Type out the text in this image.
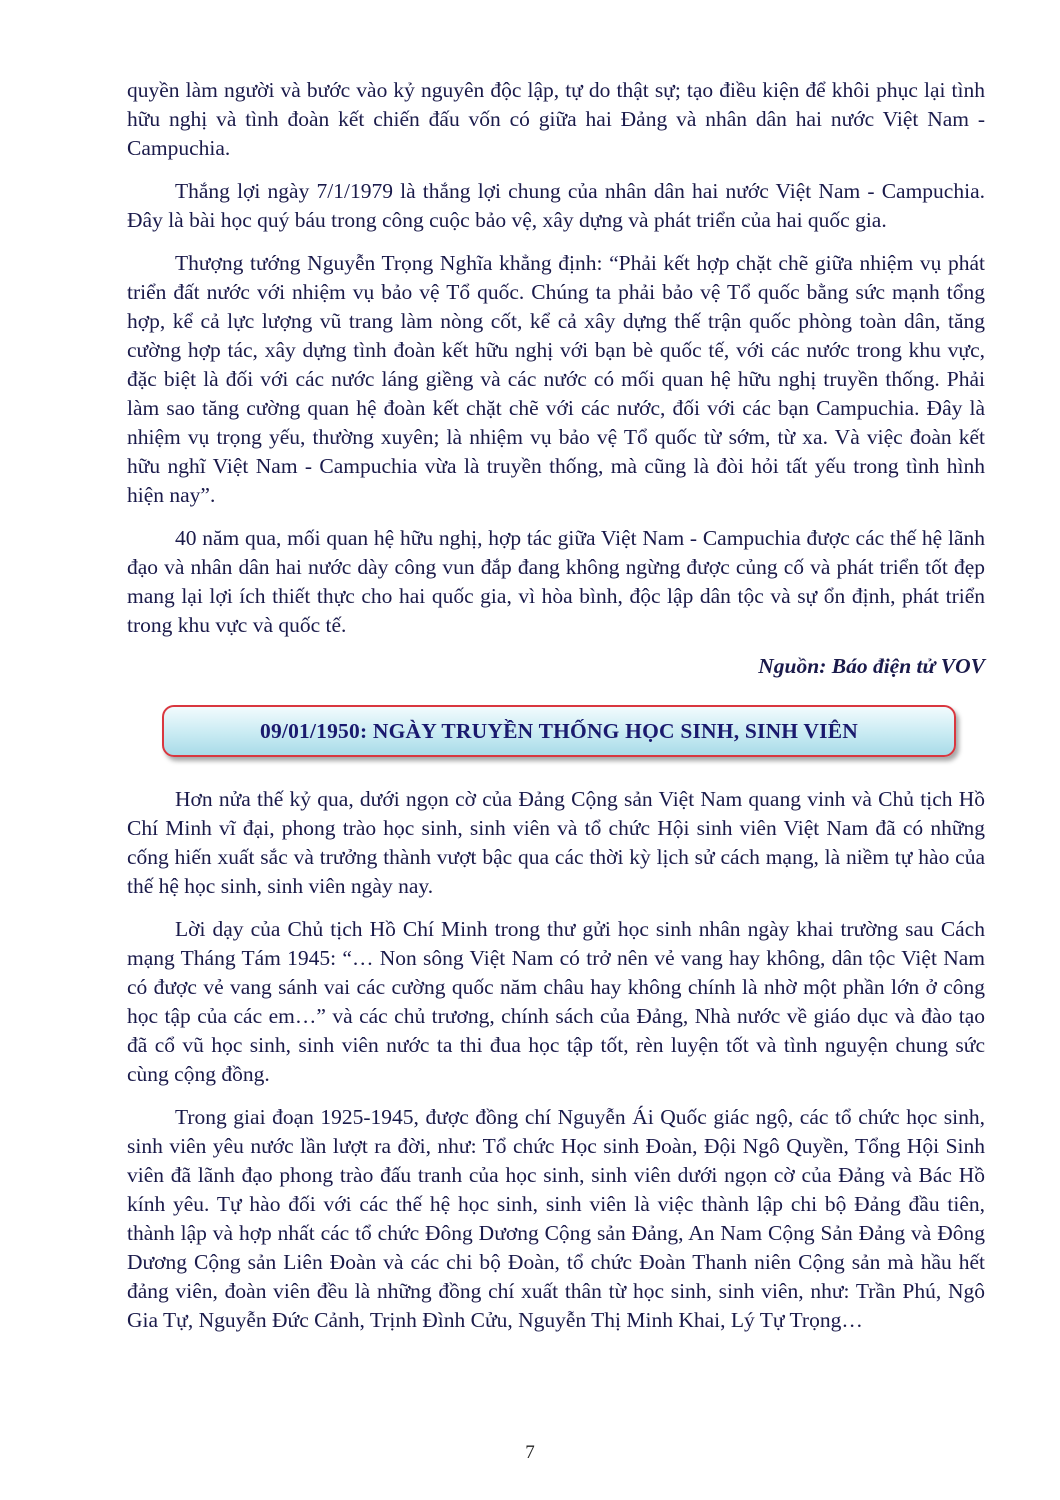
quyền làm người và bước vào kỷ nguyên độc lập, tự do thật sự; tạo điều kiện để khôi phục lại tình hữu nghị và tình đoàn kết chiến đấu vốn có giữa hai Đảng và nhân dân hai nước Việt Nam - Campuchia.

Thắng lợi ngày 7/1/1979 là thắng lợi chung của nhân dân hai nước Việt Nam - Campuchia. Đây là bài học quý báu trong công cuộc bảo vệ, xây dựng và phát triển của hai quốc gia.

Thượng tướng Nguyễn Trọng Nghĩa khẳng định: “Phải kết hợp chặt chẽ giữa nhiệm vụ phát triển đất nước với nhiệm vụ bảo vệ Tổ quốc. Chúng ta phải bảo vệ Tổ quốc bằng sức mạnh tổng hợp, kể cả lực lượng vũ trang làm nòng cốt, kể cả xây dựng thế trận quốc phòng toàn dân, tăng cường hợp tác, xây dựng tình đoàn kết hữu nghị với bạn bè quốc tế, với các nước trong khu vực, đặc biệt là đối với các nước láng giềng và các nước có mối quan hệ hữu nghị truyền thống. Phải làm sao tăng cường quan hệ đoàn kết chặt chẽ với các nước, đối với các bạn Campuchia. Đây là nhiệm vụ trọng yếu, thường xuyên; là nhiệm vụ bảo vệ Tổ quốc từ sớm, từ xa. Và việc đoàn kết hữu nghĩ Việt Nam - Campuchia vừa là truyền thống, mà cũng là đòi hỏi tất yếu trong tình hình hiện nay”.

40 năm qua, mối quan hệ hữu nghị, hợp tác giữa Việt Nam - Campuchia được các thế hệ lãnh đạo và nhân dân hai nước dày công vun đắp đang không ngừng được củng cố và phát triển tốt đẹp mang lại lợi ích thiết thực cho hai quốc gia, vì hòa bình, độc lập dân tộc và sự ổn định, phát triển trong khu vực và quốc tế.

Nguồn: Báo điện tử VOV
09/01/1950: NGÀY TRUYỀN THỐNG HỌC SINH, SINH VIÊN

Hơn nửa thế kỷ qua, dưới ngọn cờ của Đảng Cộng sản Việt Nam quang vinh và Chủ tịch Hồ Chí Minh vĩ đại, phong trào học sinh, sinh viên và tổ chức Hội sinh viên Việt Nam đã có những cống hiến xuất sắc và trưởng thành vượt bậc qua các thời kỳ lịch sử cách mạng, là niềm tự hào của thế hệ học sinh, sinh viên ngày nay.

Lời dạy của Chủ tịch Hồ Chí Minh trong thư gửi học sinh nhân ngày khai trường sau Cách mạng Tháng Tám 1945: “… Non sông Việt Nam có trở nên vẻ vang hay không, dân tộc Việt Nam có được vẻ vang sánh vai các cường quốc năm châu hay không chính là nhờ một phần lớn ở công học tập của các em…” và các chủ trương, chính sách của Đảng, Nhà nước về giáo dục và đào tạo đã cổ vũ học sinh, sinh viên nước ta thi đua học tập tốt, rèn luyện tốt và tình nguyện chung sức cùng cộng đồng.

Trong giai đoạn 1925-1945, được đồng chí Nguyễn Ái Quốc giác ngộ, các tổ chức học sinh, sinh viên yêu nước lần lượt ra đời, như: Tổ chức Học sinh Đoàn, Đội Ngô Quyền, Tổng Hội Sinh viên đã lãnh đạo phong trào đấu tranh của học sinh, sinh viên dưới ngọn cờ của Đảng và Bác Hồ kính yêu. Tự hào đối với các thế hệ học sinh, sinh viên là việc thành lập chi bộ Đảng đầu tiên, thành lập và hợp nhất các tổ chức Đông Dương Cộng sản Đảng, An Nam Cộng Sản Đảng và Đông Dương Cộng sản Liên Đoàn và các chi bộ Đoàn, tổ chức Đoàn Thanh niên Cộng sản mà hầu hết đảng viên, đoàn viên đều là những đồng chí xuất thân từ học sinh, sinh viên, như: Trần Phú, Ngô Gia Tự, Nguyễn Đức Cảnh, Trịnh Đình Cửu, Nguyễn Thị Minh Khai, Lý Tự Trọng…

7
